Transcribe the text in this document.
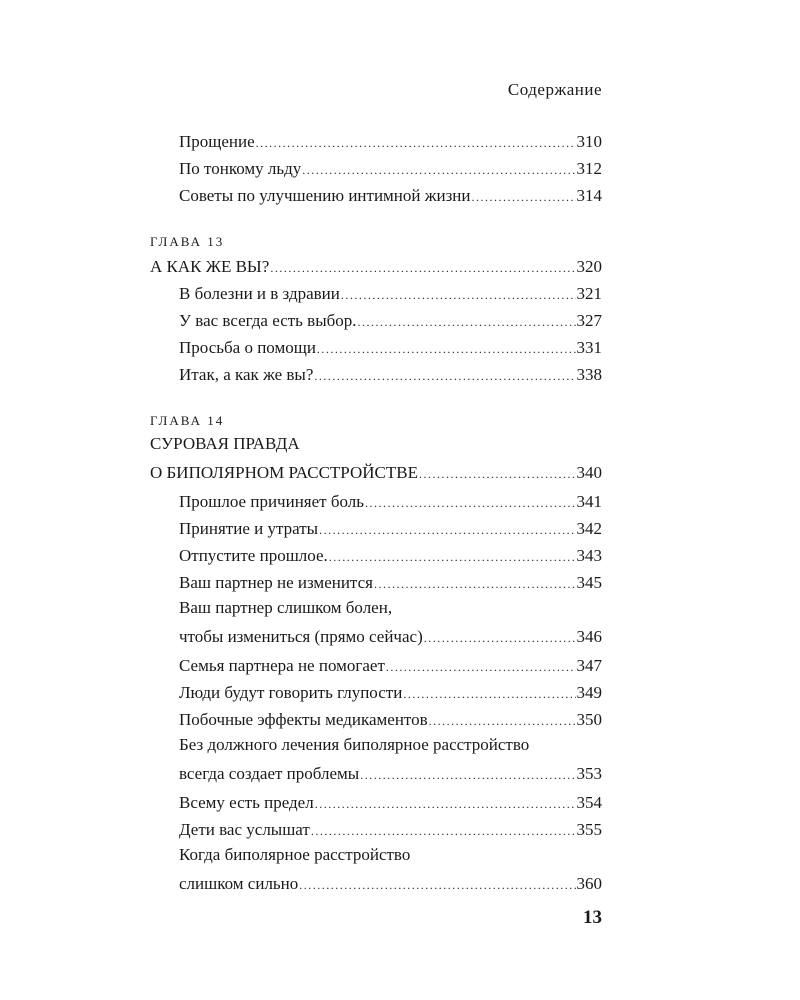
Содержание
Прощение .....	310
По тонкому льду .....	312
Советы по улучшению интимной жизни .....	314
ГЛАВА 13
А КАК ЖЕ ВЫ? .....	320
В болезни и в здравии .....	321
У вас всегда есть выбор. .....	327
Просьба о помощи .....	331
Итак, а как же вы? .....	338
ГЛАВА 14
СУРОВАЯ ПРАВДА
О БИПОЛЯРНОМ РАССТРОЙСТВЕ .....	340
Прошлое причиняет боль .....	341
Принятие и утраты .....	342
Отпустите прошлое. .....	343
Ваш партнер не изменится .....	345
Ваш партнер слишком болен,
чтобы измениться (прямо сейчас) .....	346
Семья партнера не помогает .....	347
Люди будут говорить глупости .....	349
Побочные эффекты медикаментов .....	350
Без должного лечения биполярное расстройство
всегда создает проблемы .....	353
Всему есть предел .....	354
Дети вас услышат .....	355
Когда биполярное расстройство
слишком сильно .....	360
13
